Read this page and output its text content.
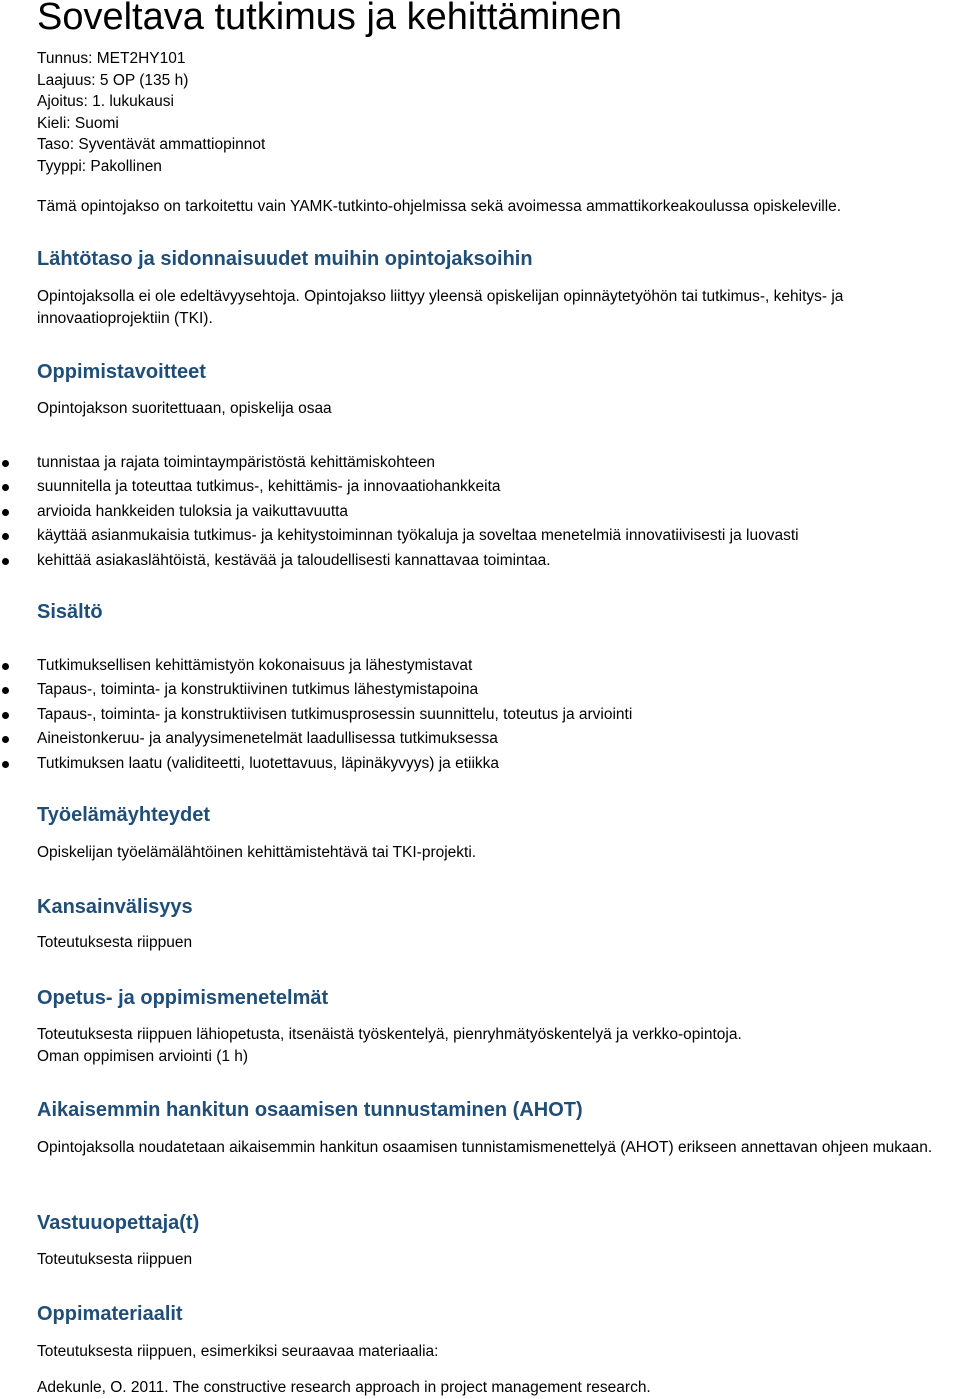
Soveltava tutkimus ja kehittäminen
Tunnus: MET2HY101
Laajuus: 5 OP (135 h)
Ajoitus: 1. lukukausi
Kieli: Suomi
Taso: Syventävät ammattiopinnot
Tyyppi: Pakollinen

Tämä opintojakso on tarkoitettu vain YAMK-tutkinto-ohjelmissa sekä avoimessa ammattikorkeakoulussa opiskeleville.

Lähtötaso ja sidonnaisuudet muihin opintojaksoihin

Opintojaksolla ei ole edeltävyysehtoja. Opintojakso liittyy yleensä opiskelijan opinnäytetyöhön tai tutkimus-, kehitys- ja innovaatioprojektiin (TKI).

Oppimistavoitteet

Opintojakson suoritettuaan, opiskelija osaa

tunnistaa ja rajata toimintaympäristöstä kehittämiskohteen
suunnitella ja toteuttaa tutkimus-, kehittämis- ja innovaatiohankkeita
arvioida hankkeiden tuloksia ja vaikuttavuutta
käyttää asianmukaisia tutkimus- ja kehitystoiminnan työkaluja ja soveltaa menetelmiä innovatiivisesti ja luovasti
kehittää asiakaslähtöistä, kestävää ja taloudellisesti kannattavaa toimintaa.
Sisältö
Tutkimuksellisen kehittämistyön kokonaisuus ja lähestymistavat
Tapaus-, toiminta- ja konstruktiivinen tutkimus lähestymistapoina
Tapaus-, toiminta- ja konstruktiivisen tutkimusprosessin suunnittelu, toteutus ja arviointi
Aineistonkeruu- ja analyysimenetelmät laadullisessa tutkimuksessa
Tutkimuksen laatu (validiteetti, luotettavuus, läpinäkyvyys) ja etiikka
Työelämäyhteydet

Opiskelijan työelämälähtöinen kehittämistehtävä tai TKI-projekti.

Kansainvälisyys

Toteutuksesta riippuen

Opetus- ja oppimismenetelmät

Toteutuksesta riippuen lähiopetusta, itsenäistä työskentelyä, pienryhmätyöskentelyä ja verkko-opintoja.

Oman oppimisen arviointi (1 h)

Aikaisemmin hankitun osaamisen tunnustaminen (AHOT)

Opintojaksolla noudatetaan aikaisemmin hankitun osaamisen tunnistamismenettelyä (AHOT) erikseen annettavan ohjeen mukaan.

Vastuuopettaja(t)

Toteutuksesta riippuen

Oppimateriaalit

Toteutuksesta riippuen, esimerkiksi seuraavaa materiaalia:

Adekunle, O. 2011. The constructive research approach in project management research.
